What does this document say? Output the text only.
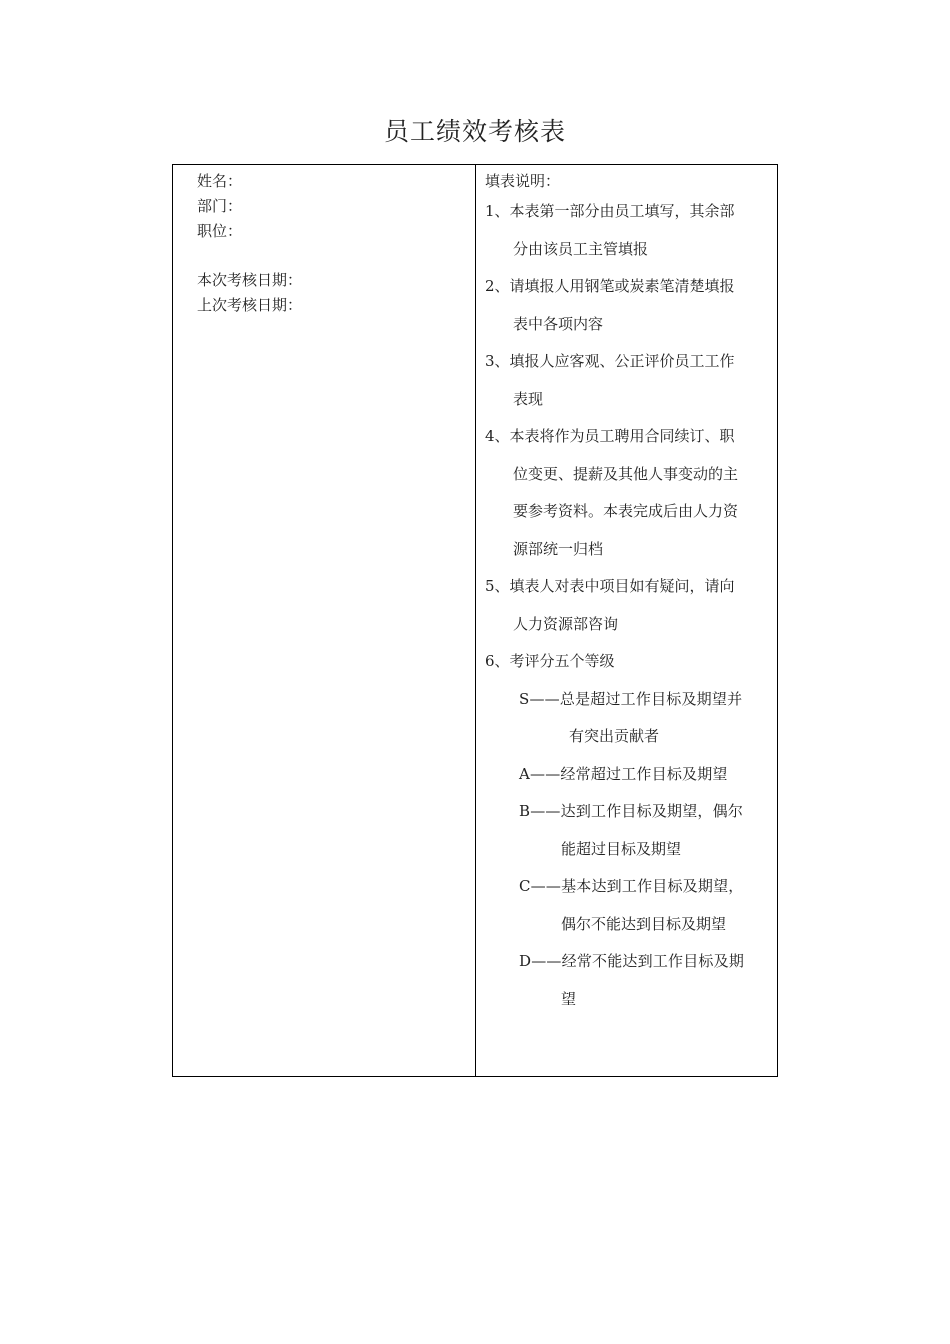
员工绩效考核表
姓名：
部门：
职位：
本次考核日期：
上次考核日期：
填表说明：
1、本表第一部分由员工填写，其余部
分由该员工主管填报
2、请填报人用钢笔或炭素笔清楚填报
表中各项内容
3、填报人应客观、公正评价员工工作
表现
4、本表将作为员工聘用合同续订、职
位变更、提薪及其他人事变动的主
要参考资料。本表完成后由人力资
源部统一归档
5、填表人对表中项目如有疑问，请向
人力资源部咨询
6、考评分五个等级
S——总是超过工作目标及期望并
有突出贡献者
A——经常超过工作目标及期望
B——达到工作目标及期望，偶尔
能超过目标及期望
C——基本达到工作目标及期望，
偶尔不能达到目标及期望
D——经常不能达到工作目标及期
望
